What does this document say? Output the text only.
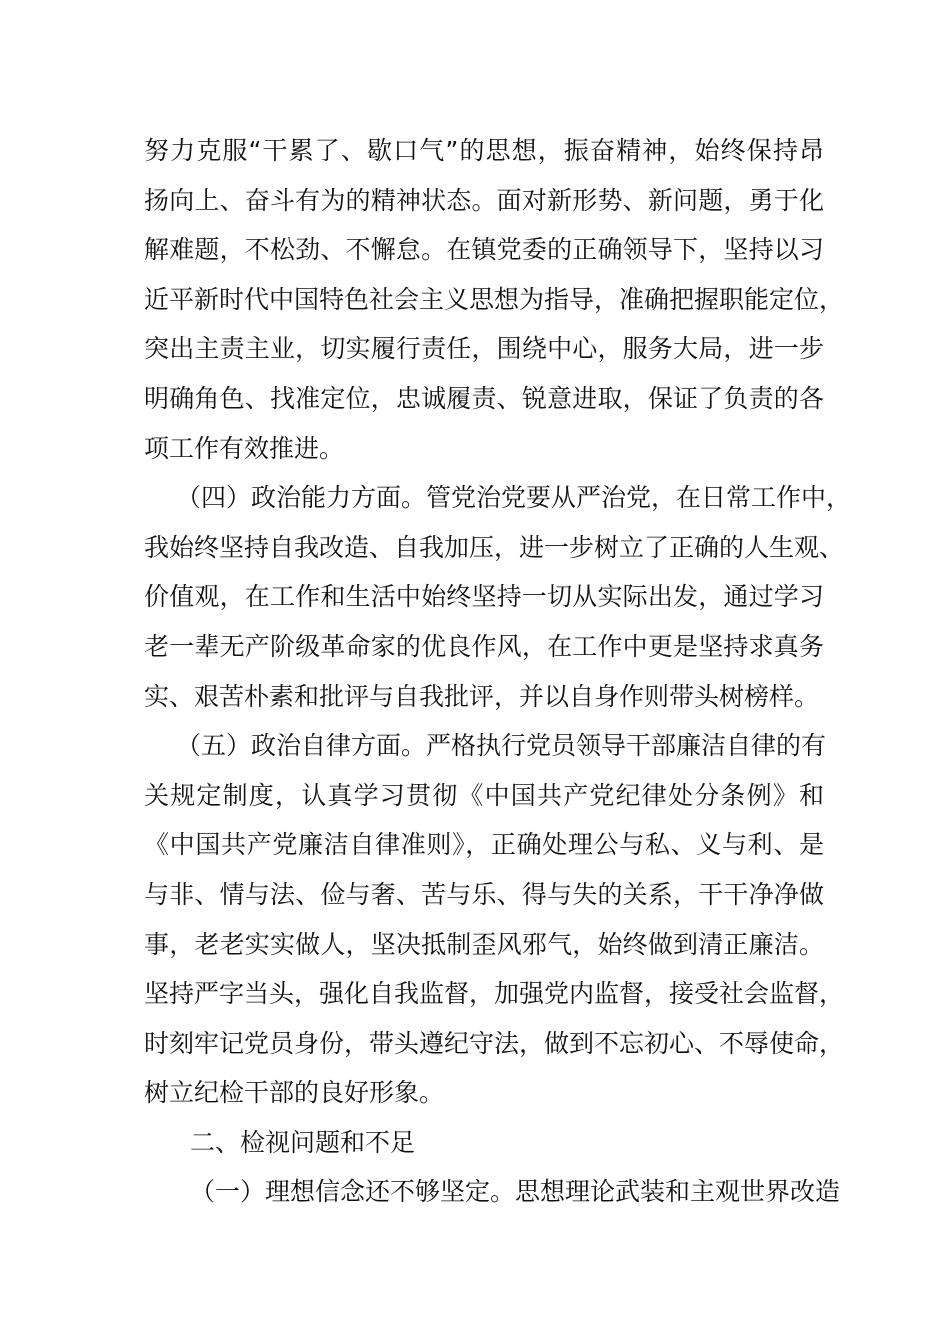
努力克服“干累了、歇口气”的思想，振奋精神，始终保持昂
扬向上、奋斗有为的精神状态。面对新形势、新问题，勇于化
解难题，不松劲、不懈怠。在镇党委的正确领导下，坚持以习
近平新时代中国特色社会主义思想为指导，准确把握职能定位，
突出主责主业，切实履行责任，围绕中心，服务大局，进一步
明确角色、找准定位，忠诚履责、锐意进取，保证了负责的各
项工作有效推进。
（四）政治能力方面。管党治党要从严治党，在日常工作中，
我始终坚持自我改造、自我加压，进一步树立了正确的人生观、
价值观，在工作和生活中始终坚持一切从实际出发，通过学习
老一辈无产阶级革命家的优良作风，在工作中更是坚持求真务
实、艰苦朴素和批评与自我批评，并以自身作则带头树榜样。
（五）政治自律方面。严格执行党员领导干部廉洁自律的有
关规定制度，认真学习贯彻《中国共产党纪律处分条例》和
《中国共产党廉洁自律准则》，正确处理公与私、义与利、是
与非、情与法、俭与奢、苦与乐、得与失的关系，干干净净做
事，老老实实做人，坚决抵制歪风邪气，始终做到清正廉洁。
坚持严字当头，强化自我监督，加强党内监督，接受社会监督，
时刻牢记党员身份，带头遵纪守法，做到不忘初心、不辱使命，
树立纪检干部的良好形象。
二、检视问题和不足
（一）理想信念还不够坚定。思想理论武装和主观世界改造
